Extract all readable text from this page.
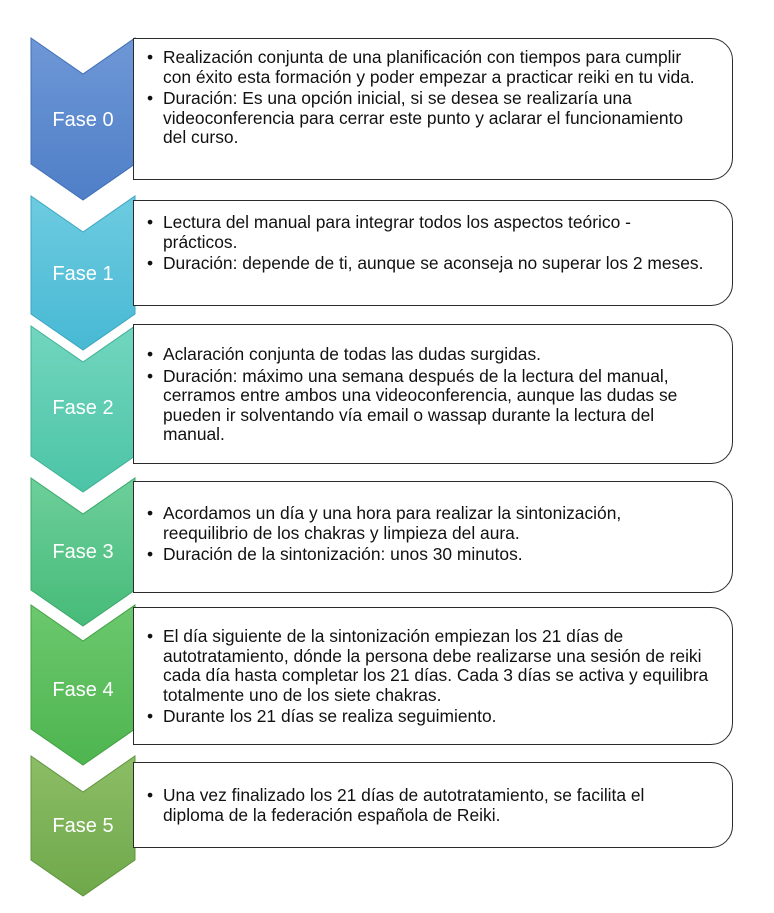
Fase 0
• Realización conjunta de una planificación con tiempos para cumplir con éxito esta formación y poder empezar a practicar reiki en tu vida.
• Duración: Es una opción inicial, si se desea se realizaría una videoconferencia para cerrar este punto y aclarar el funcionamiento del curso.
Fase 1
• Lectura del manual para integrar todos los aspectos teórico - prácticos.
• Duración: depende de ti, aunque se aconseja no superar los 2 meses.
Fase 2
• Aclaración conjunta de todas las dudas surgidas.
• Duración: máximo una semana después de la lectura del manual, cerramos entre ambos una videoconferencia, aunque las dudas se pueden ir solventando vía email o wassap durante la lectura del manual.
Fase 3
• Acordamos un día y una hora para realizar la sintonización, reequilibrio de los chakras y limpieza del aura.
• Duración de la sintonización: unos 30 minutos.
Fase 4
• El día siguiente de la sintonización empiezan los 21 días de autotratamiento, dónde la persona debe realizarse una sesión de reiki cada día hasta completar los 21 días. Cada 3 días se activa y equilibra totalmente uno de los siete chakras.
• Durante los 21 días se realiza seguimiento.
Fase 5
• Una vez finalizado los 21 días de autotratamiento, se facilita el diploma de la federación española de Reiki.
